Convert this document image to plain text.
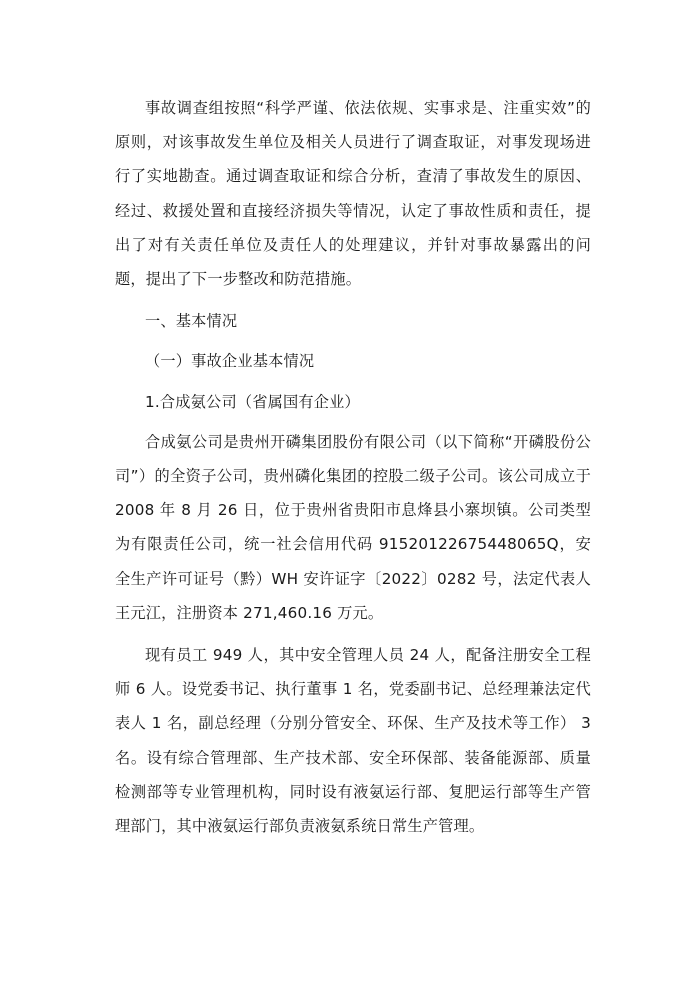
事故调查组按照“科学严谨、依法依规、实事求是、注重实效”的原则，对该事故发生单位及相关人员进行了调查取证，对事发现场进行了实地勘查。通过调查取证和综合分析，查清了事故发生的原因、经过、救援处置和直接经济损失等情况，认定了事故性质和责任，提出了对有关责任单位及责任人的处理建议，并针对事故暴露出的问题，提出了下一步整改和防范措施。

一、基本情况

（一）事故企业基本情况

1.合成氨公司（省属国有企业）

合成氨公司是贵州开磷集团股份有限公司（以下简称“开磷股份公司”）的全资子公司，贵州磷化集团的控股二级子公司。该公司成立于 2008 年 8 月 26 日，位于贵州省贵阳市息烽县小寨坝镇。公司类型为有限责任公司，统一社会信用代码 91520122675448065Q，安全生产许可证号（黔）WH 安许证字〔2022〕0282 号，法定代表人王元江，注册资本 271,460.16 万元。

现有员工 949 人，其中安全管理人员 24 人，配备注册安全工程师 6 人。设党委书记、执行董事 1 名，党委副书记、总经理兼法定代表人 1 名，副总经理（分别分管安全、环保、生产及技术等工作） 3 名。设有综合管理部、生产技术部、安全环保部、装备能源部、质量检测部等专业管理机构，同时设有液氨运行部、复肥运行部等生产管理部门，其中液氨运行部负责液氨系统日常生产管理。
